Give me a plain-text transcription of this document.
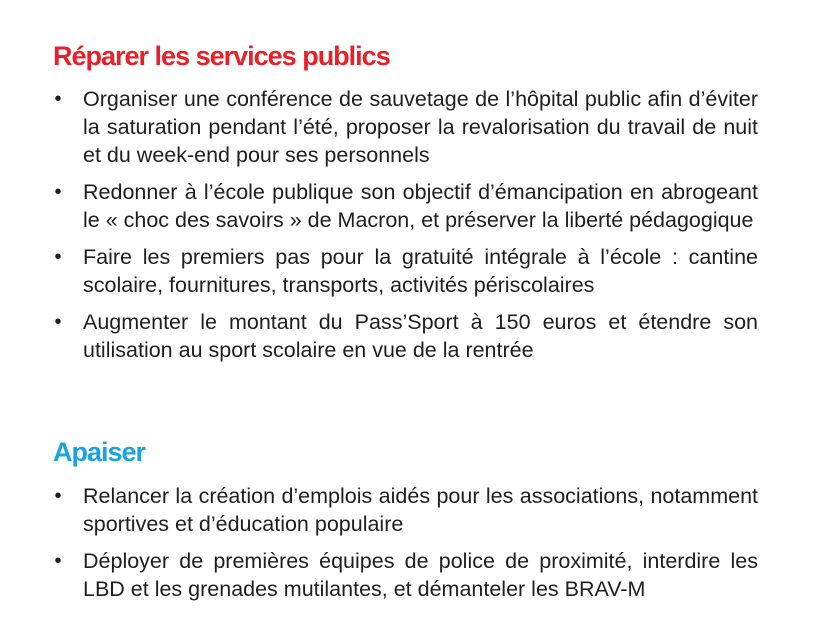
Réparer les services publics
• Organiser une conférence de sauvetage de l’hôpital public afin d’éviter la saturation pendant l’été, proposer la revalorisation du travail de nuit et du week-end pour ses personnels
• Redonner à l’école publique son objectif d’émancipation en abrogeant le « choc des savoirs » de Macron, et préserver la liberté pédagogique
• Faire les premiers pas pour la gratuité intégrale à l’école : cantine scolaire, fournitures, transports, activités périscolaires
• Augmenter le montant du Pass’Sport à 150 euros et étendre son utilisation au sport scolaire en vue de la rentrée
Apaiser
• Relancer la création d’emplois aidés pour les associations, notamment sportives et d’éducation populaire
• Déployer de premières équipes de police de proximité, interdire les LBD et les grenades mutilantes, et démanteler les BRAV-M
